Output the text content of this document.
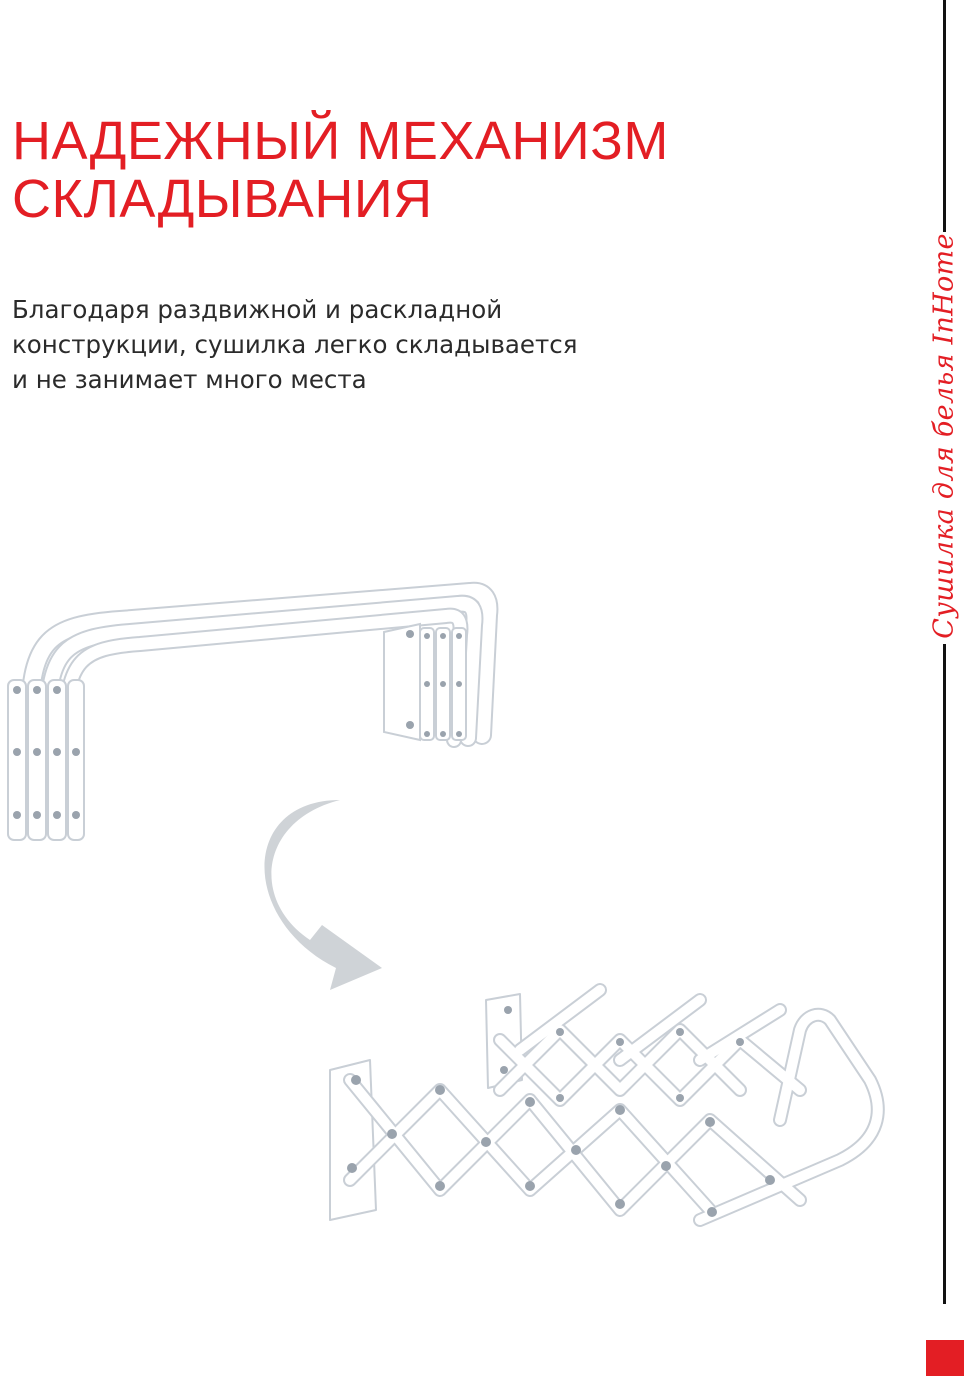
НАДЕЖНЫЙ МЕХАНИЗМ
СКЛАДЫВАНИЯ

Благодаря раздвижной и раскладной
конструкции, сушилка легко складывается
и не занимает много места	Сушилка для белья InHome
